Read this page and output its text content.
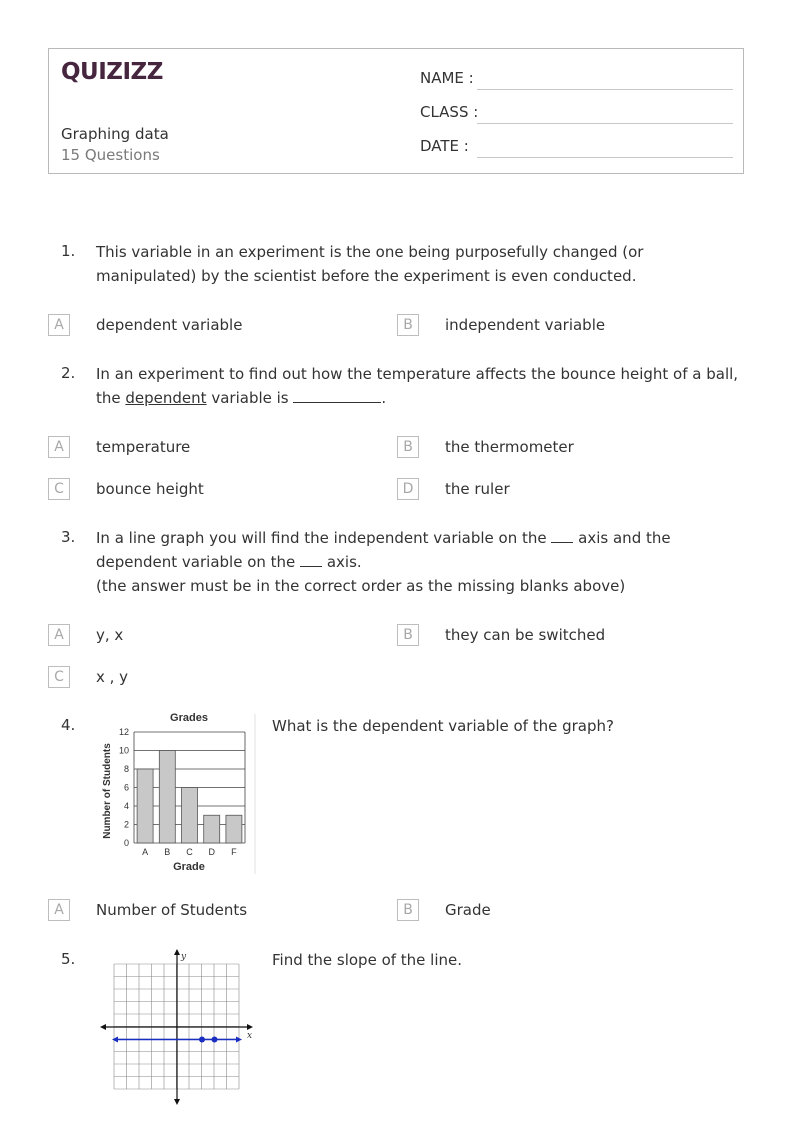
QUIZIZZ
Graphing data
15 Questions
NAME :
CLASS :
DATE :
1. This variable in an experiment is the one being purposefully changed (or manipulated) by the scientist before the experiment is even conducted.
A	dependent variable	B	independent variable
2. In an experiment to find out how the temperature affects the bounce height of a ball, the dependent variable is	.
A	temperature	B	the thermometer
C	bounce height	D	the ruler
3. In a line graph you will find the independent variable on the axis and the dependent variable on the axis.
(the answer must be in the correct order as the missing blanks above)
A	y, x	B	they can be switched
C	x , y
4.	What is the dependent variable of the graph?
Grades
Grade
Number of Students
0
2
4
6
8
10
12
A B C D F
A	Number of Students	B	Grade
5.	Find the slope of the line.
x
y
